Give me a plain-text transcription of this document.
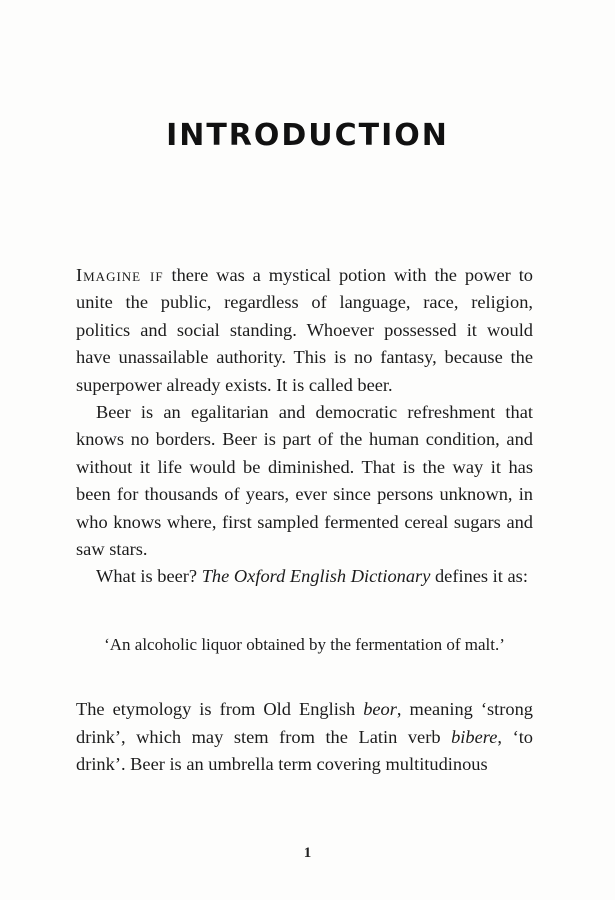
INTRODUCTION

Imagine if there was a mystical potion with the power to unite the public, regardless of language, race, religion, politics and social standing. Whoever possessed it would have unassailable authority. This is no fantasy, because the superpower already exists. It is called beer.

Beer is an egalitarian and democratic refreshment that knows no borders. Beer is part of the human condition, and without it life would be diminished. That is the way it has been for thousands of years, ever since persons unknown, in who knows where, first sampled fermented cereal sugars and saw stars.

What is beer? The Oxford English Dictionary defines it as:

‘An alcoholic liquor obtained by the fermentation of malt.’

The etymology is from Old English beor, meaning ‘strong drink’, which may stem from the Latin verb bibere, ‘to drink’. Beer is an umbrella term covering multitudinous

1
